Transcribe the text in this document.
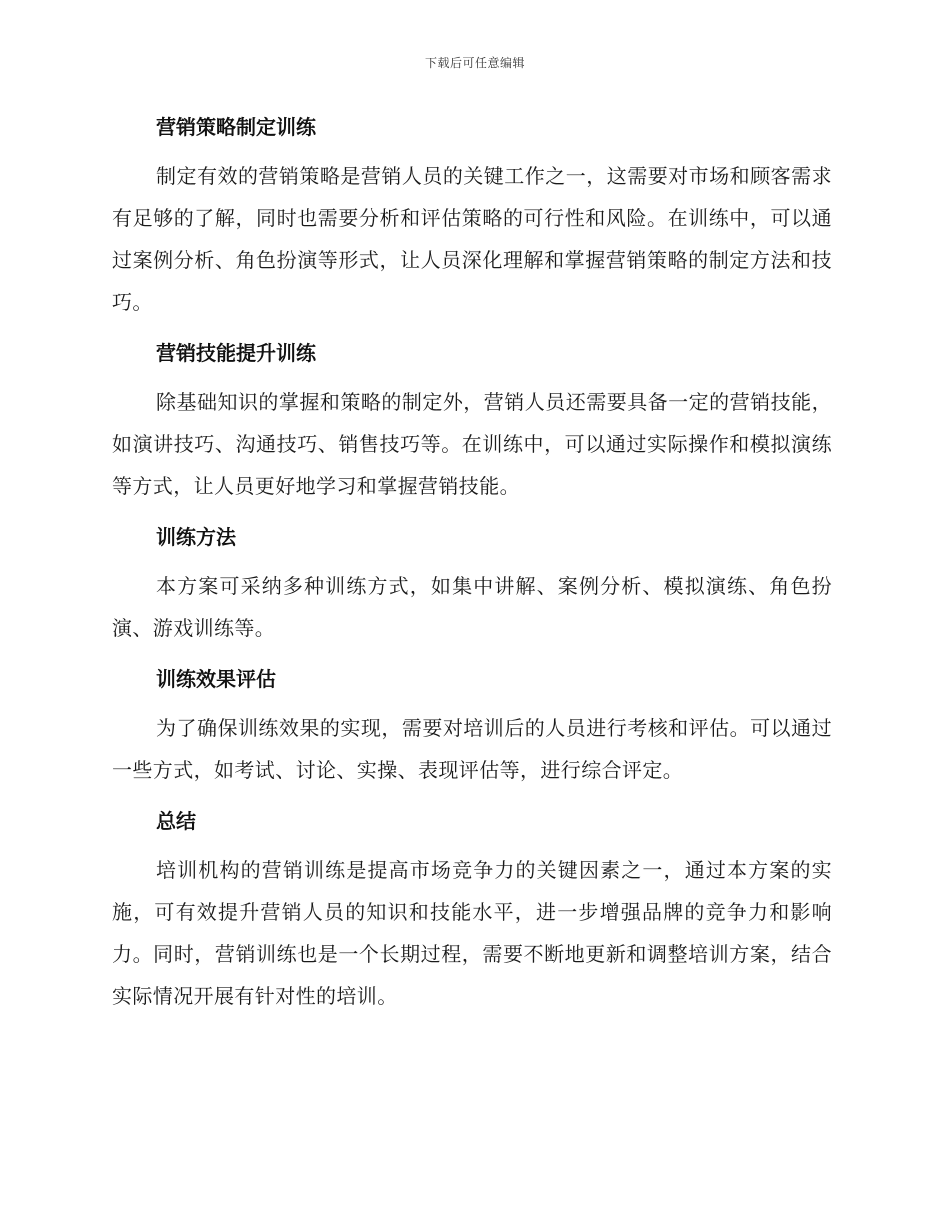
下载后可任意编辑
营销策略制定训练

制定有效的营销策略是营销人员的关键工作之一，这需要对市场和顾客需求有足够的了解，同时也需要分析和评估策略的可行性和风险。在训练中，可以通过案例分析、角色扮演等形式，让人员深化理解和掌握营销策略的制定方法和技巧。

营销技能提升训练

除基础知识的掌握和策略的制定外，营销人员还需要具备一定的营销技能，如演讲技巧、沟通技巧、销售技巧等。在训练中，可以通过实际操作和模拟演练等方式，让人员更好地学习和掌握营销技能。

训练方法

本方案可采纳多种训练方式，如集中讲解、案例分析、模拟演练、角色扮演、游戏训练等。

训练效果评估

为了确保训练效果的实现，需要对培训后的人员进行考核和评估。可以通过一些方式，如考试、讨论、实操、表现评估等，进行综合评定。

总结

培训机构的营销训练是提高市场竞争力的关键因素之一，通过本方案的实施，可有效提升营销人员的知识和技能水平，进一步增强品牌的竞争力和影响力。同时，营销训练也是一个长期过程，需要不断地更新和调整培训方案，结合实际情况开展有针对性的培训。
